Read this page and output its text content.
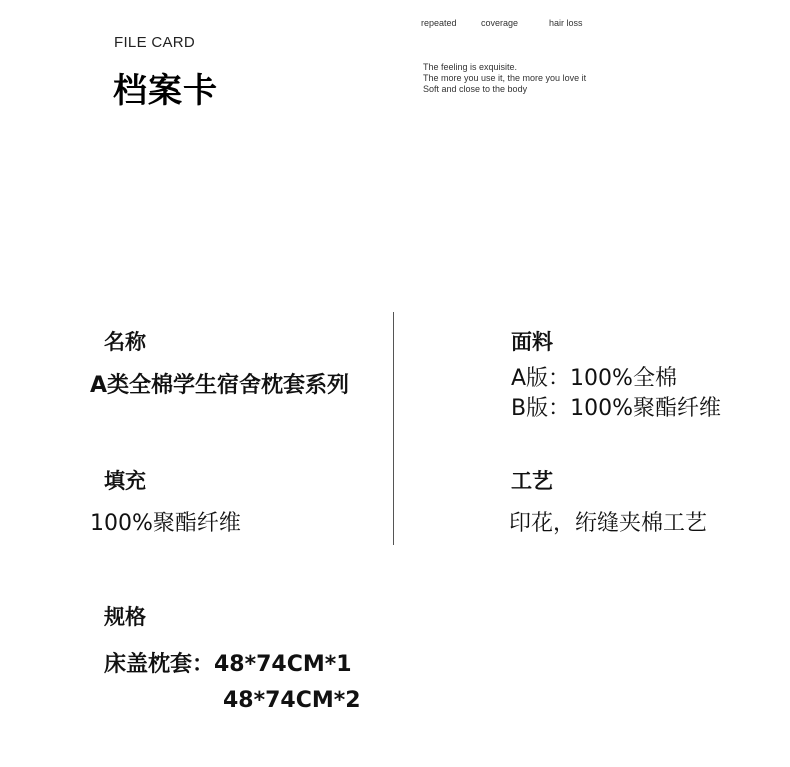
FILE CARD
档案卡
repeated	coverage	hair loss
The feeling is exquisite.
The more you use it, the more you love it
Soft and close to the body
名称
A类全棉学生宿舍枕套系列
面料
A版：100%全棉
B版：100%聚酯纤维
填充
100%聚酯纤维
工艺
印花，绗缝夹棉工艺
规格
床盖枕套：48*74CM*1
48*74CM*2
